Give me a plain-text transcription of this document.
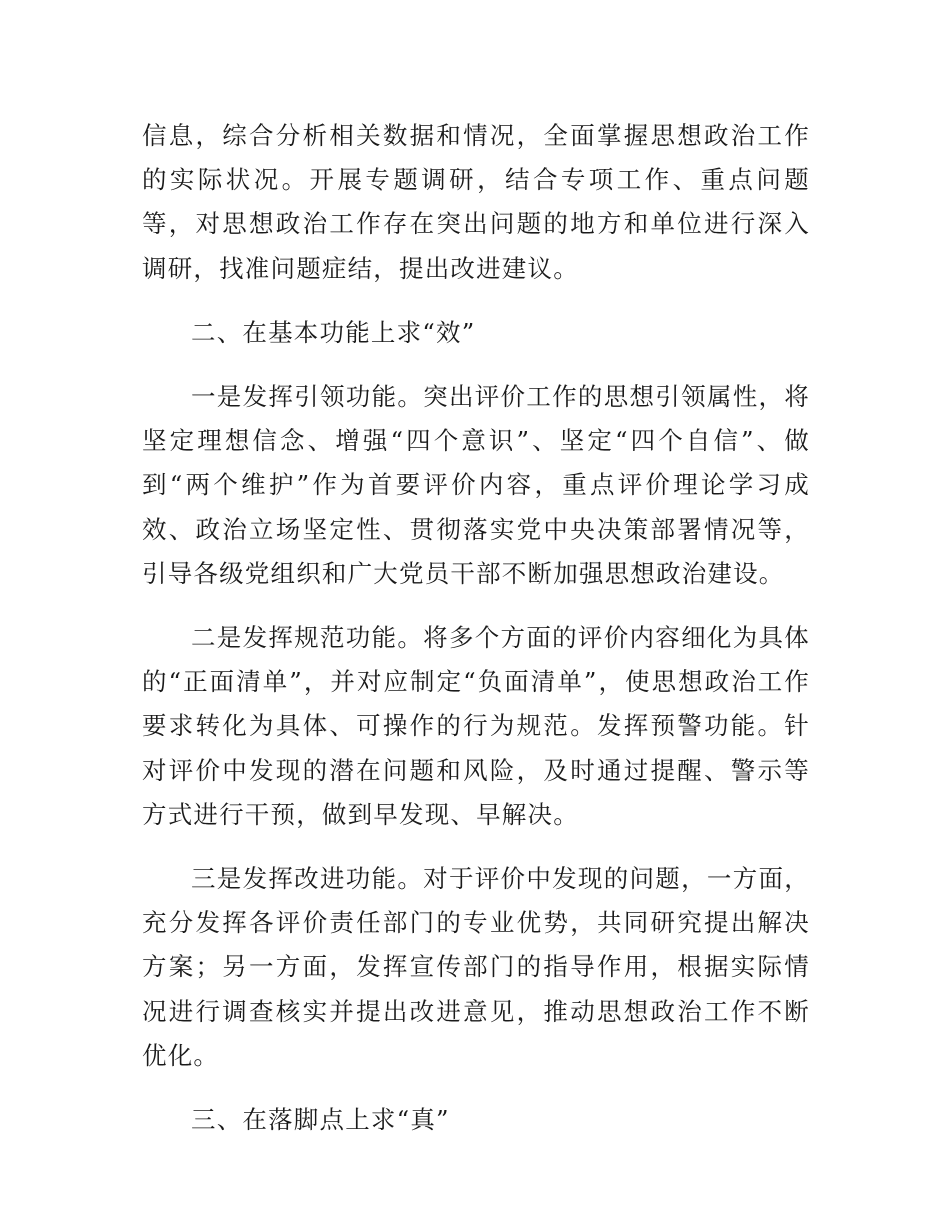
信息，综合分析相关数据和情况，全面掌握思想政治工作的实际状况。开展专题调研，结合专项工作、重点问题等，对思想政治工作存在突出问题的地方和单位进行深入调研，找准问题症结，提出改进建议。

二、在基本功能上求“效”

一是发挥引领功能。突出评价工作的思想引领属性，将坚定理想信念、增强“四个意识”、坚定“四个自信”、做到“两个维护”作为首要评价内容，重点评价理论学习成效、政治立场坚定性、贯彻落实党中央决策部署情况等，引导各级党组织和广大党员干部不断加强思想政治建设。

二是发挥规范功能。将多个方面的评价内容细化为具体的“正面清单”，并对应制定“负面清单”，使思想政治工作要求转化为具体、可操作的行为规范。发挥预警功能。针对评价中发现的潜在问题和风险，及时通过提醒、警示等方式进行干预，做到早发现、早解决。

三是发挥改进功能。对于评价中发现的问题，一方面，充分发挥各评价责任部门的专业优势，共同研究提出解决方案；另一方面，发挥宣传部门的指导作用，根据实际情况进行调查核实并提出改进意见，推动思想政治工作不断优化。

三、在落脚点上求“真”
